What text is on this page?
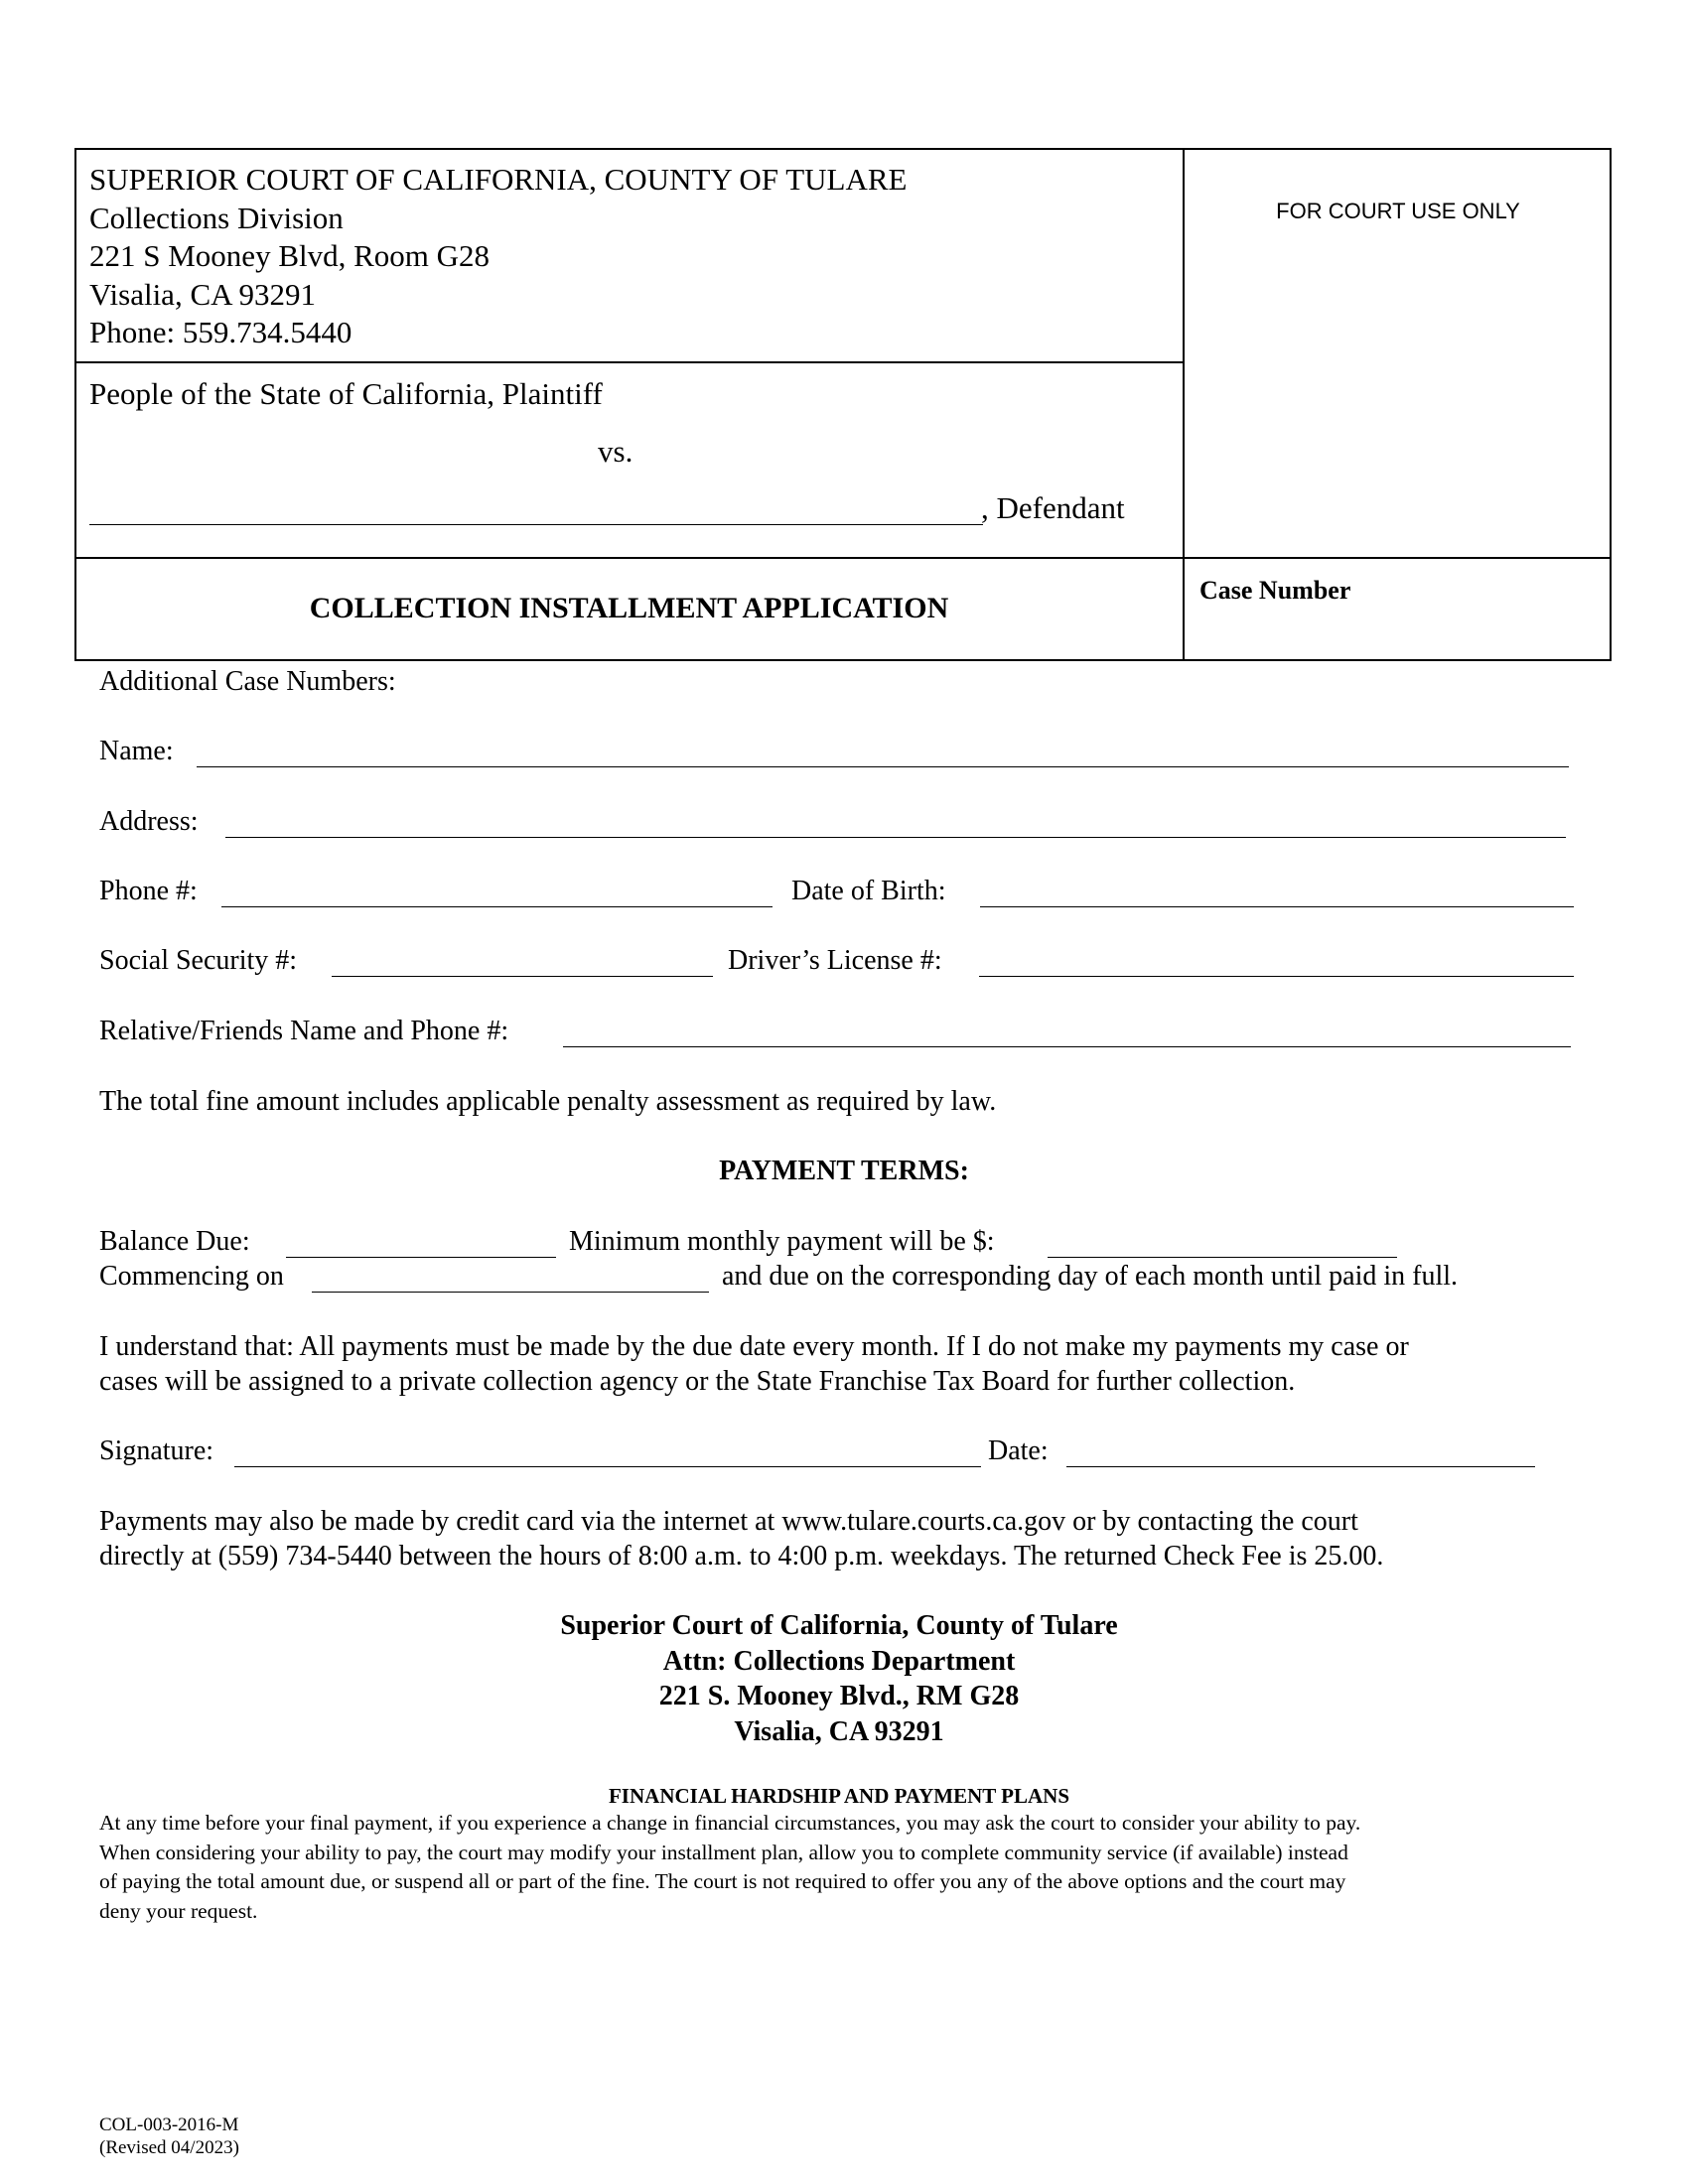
SUPERIOR COURT OF CALIFORNIA, COUNTY OF TULARE
Collections Division
221 S Mooney Blvd, Room G28
Visalia, CA 93291
Phone: 559.734.5440
FOR COURT USE ONLY
People of the State of California, Plaintiff
vs.
, Defendant
COLLECTION INSTALLMENT APPLICATION
Case Number
Additional Case Numbers:
Name:
Address:
Phone #:	Date of Birth:
Social Security #:	Driver’s License #:
Relative/Friends Name and Phone #:
The total fine amount includes applicable penalty assessment as required by law.
PAYMENT TERMS:
Balance Due:	Minimum monthly payment will be $:
Commencing on	and due on the corresponding day of each month until paid in full.
I understand that: All payments must be made by the due date every month. If I do not make my payments my case or
cases will be assigned to a private collection agency or the State Franchise Tax Board for further collection.
Signature:	Date:
Payments may also be made by credit card via the internet at www.tulare.courts.ca.gov or by contacting the court
directly at (559) 734-5440 between the hours of 8:00 a.m. to 4:00 p.m. weekdays. The returned Check Fee is 25.00.
Superior Court of California, County of Tulare
Attn: Collections Department
221 S. Mooney Blvd., RM G28
Visalia, CA 93291
FINANCIAL HARDSHIP AND PAYMENT PLANS
At any time before your final payment, if you experience a change in financial circumstances, you may ask the court to consider your ability to pay.
When considering your ability to pay, the court may modify your installment plan, allow you to complete community service (if available) instead
of paying the total amount due, or suspend all or part of the fine. The court is not required to offer you any of the above options and the court may
deny your request.
COL-003-2016-M
(Revised 04/2023)
